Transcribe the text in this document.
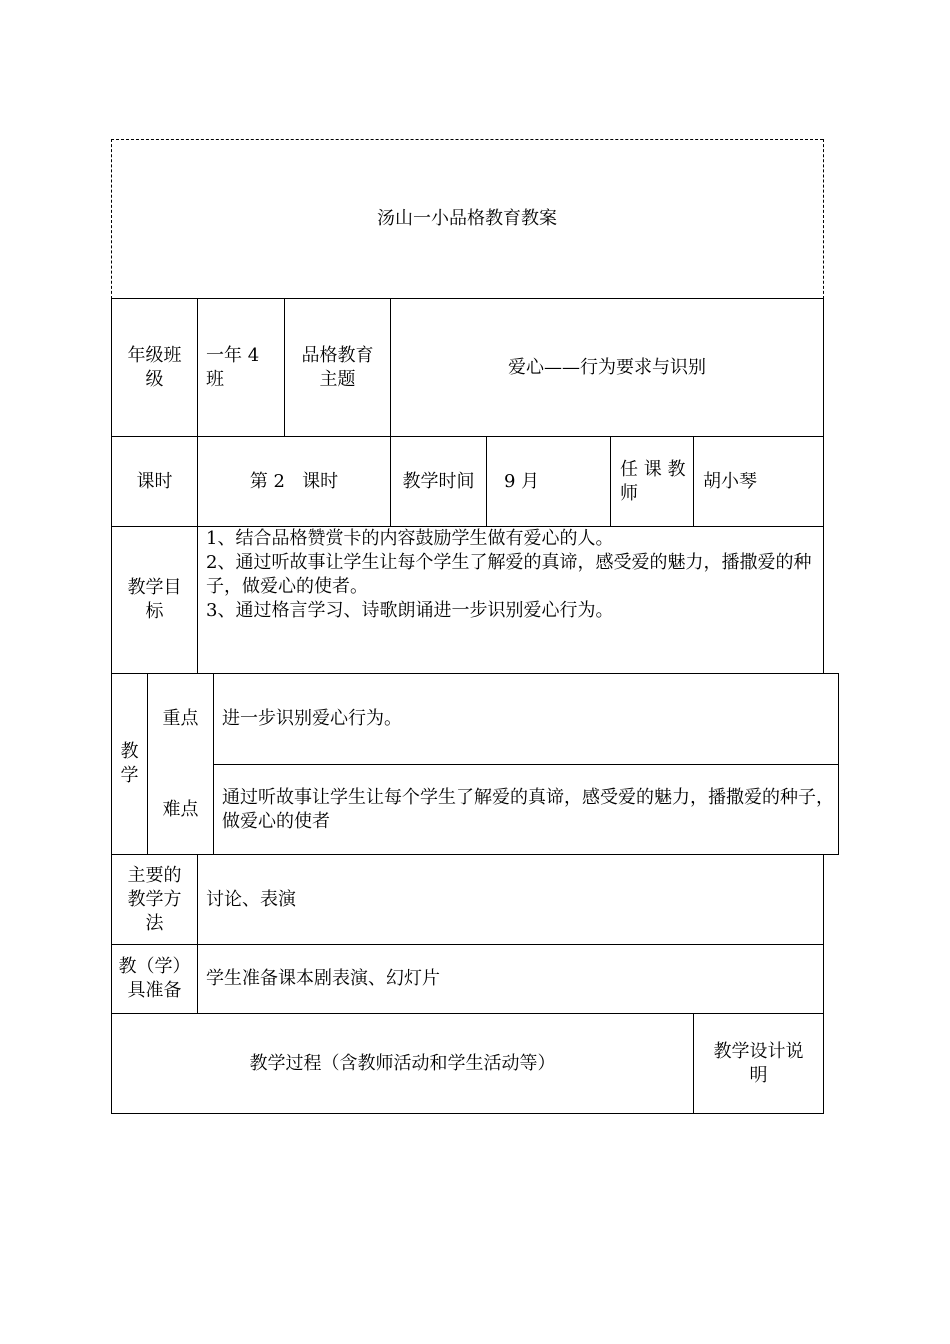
汤山一小品格教育教案
年级班级
一年 4 班
品格教育主题
爱心——行为要求与识别
课时	第 2   课时	教学时间 9 月
任 课 教 师
胡小琴
教学目标
1、结合品格赞赏卡的内容鼓励学生做有爱心的人。
2、通过听故事让学生让每个学生了解爱的真谛，感受爱的魅力，播撒爱的种子，做爱心的使者。
3、通过格言学习、诗歌朗诵进一步识别爱心行为。
教学
重点 进一步识别爱心行为。
难点
通过听故事让学生让每个学生了解爱的真谛，感受爱的魅力，播撒爱的种子，做爱心的使者
主要的教学方法
讨论、表演
教（学）具准备
学生准备课本剧表演、幻灯片
教学过程（含教师活动和学生活动等）
教学设计说明
